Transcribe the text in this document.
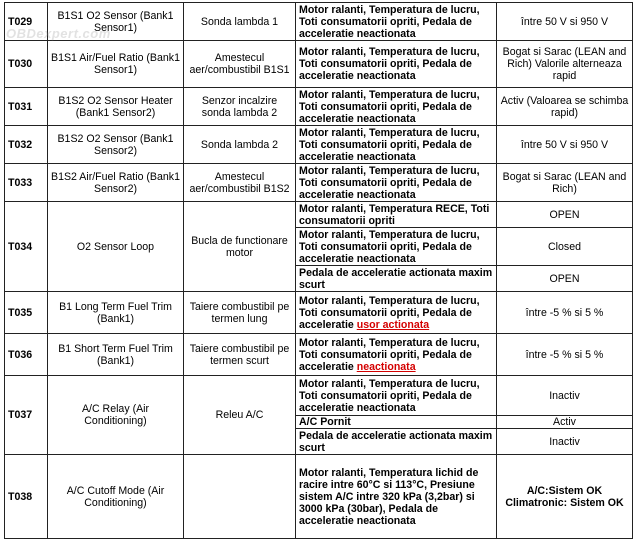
T029	B1S1 O2 Sensor (Bank1 Sensor1)	Sonda lambda 1	Motor ralanti, Temperatura de lucru, Toti consumatorii opriti, Pedala de acceleratie neactionata	între 50 V si 950 V
T030	B1S1 Air/Fuel Ratio (Bank1 Sensor1)	Amestecul aer/combustibil B1S1	Motor ralanti, Temperatura de lucru, Toti consumatorii opriti, Pedala de acceleratie neactionata	Bogat si Sarac (LEAN and Rich) Valorile alterneaza rapid
T031	B1S2 O2 Sensor Heater (Bank1 Sensor2)	Senzor incalzire sonda lambda 2	Motor ralanti, Temperatura de lucru, Toti consumatorii opriti, Pedala de acceleratie neactionata	Activ (Valoarea se schimba rapid)
T032	B1S2 O2 Sensor (Bank1 Sensor2)	Sonda lambda 2	Motor ralanti, Temperatura de lucru, Toti consumatorii opriti, Pedala de acceleratie neactionata	între 50 V si 950 V
T033	B1S2 Air/Fuel Ratio (Bank1 Sensor2)	Amestecul aer/combustibil B1S2	Motor ralanti, Temperatura de lucru, Toti consumatorii opriti, Pedala de acceleratie neactionata	Bogat si Sarac (LEAN and Rich)
T034	O2 Sensor Loop	Bucla de functionare motor	Motor ralanti, Temperatura RECE, Toti consumatorii opriti	OPEN
			Motor ralanti, Temperatura de lucru, Toti consumatorii opriti, Pedala de acceleratie neactionata	Closed
			Pedala de acceleratie actionata maxim scurt	OPEN
T035	B1 Long Term Fuel Trim (Bank1)	Taiere combustibil pe termen lung	Motor ralanti, Temperatura de lucru, Toti consumatorii opriti, Pedala de acceleratie usor actionata	între -5 % si 5 %
T036	B1 Short Term Fuel Trim (Bank1)	Taiere combustibil pe termen scurt	Motor ralanti, Temperatura de lucru, Toti consumatorii opriti, Pedala de acceleratie neactionata	între -5 % si 5 %
T037	A/C Relay (Air Conditioning)	Releu A/C	Motor ralanti, Temperatura de lucru, Toti consumatorii opriti, Pedala de acceleratie neactionata	Inactiv
			A/C Pornit	Activ
			Pedala de acceleratie actionata maxim scurt	Inactiv
T038	A/C Cutoff Mode (Air Conditioning)		Motor ralanti, Temperatura lichid de racire intre 60°C si 113°C, Presiune sistem A/C intre 320 kPa (3,2bar) si 3000 kPa (30bar), Pedala de acceleratie neactionata	A/C:Sistem OK
Climatronic: Sistem OK
OBDexpert.com
